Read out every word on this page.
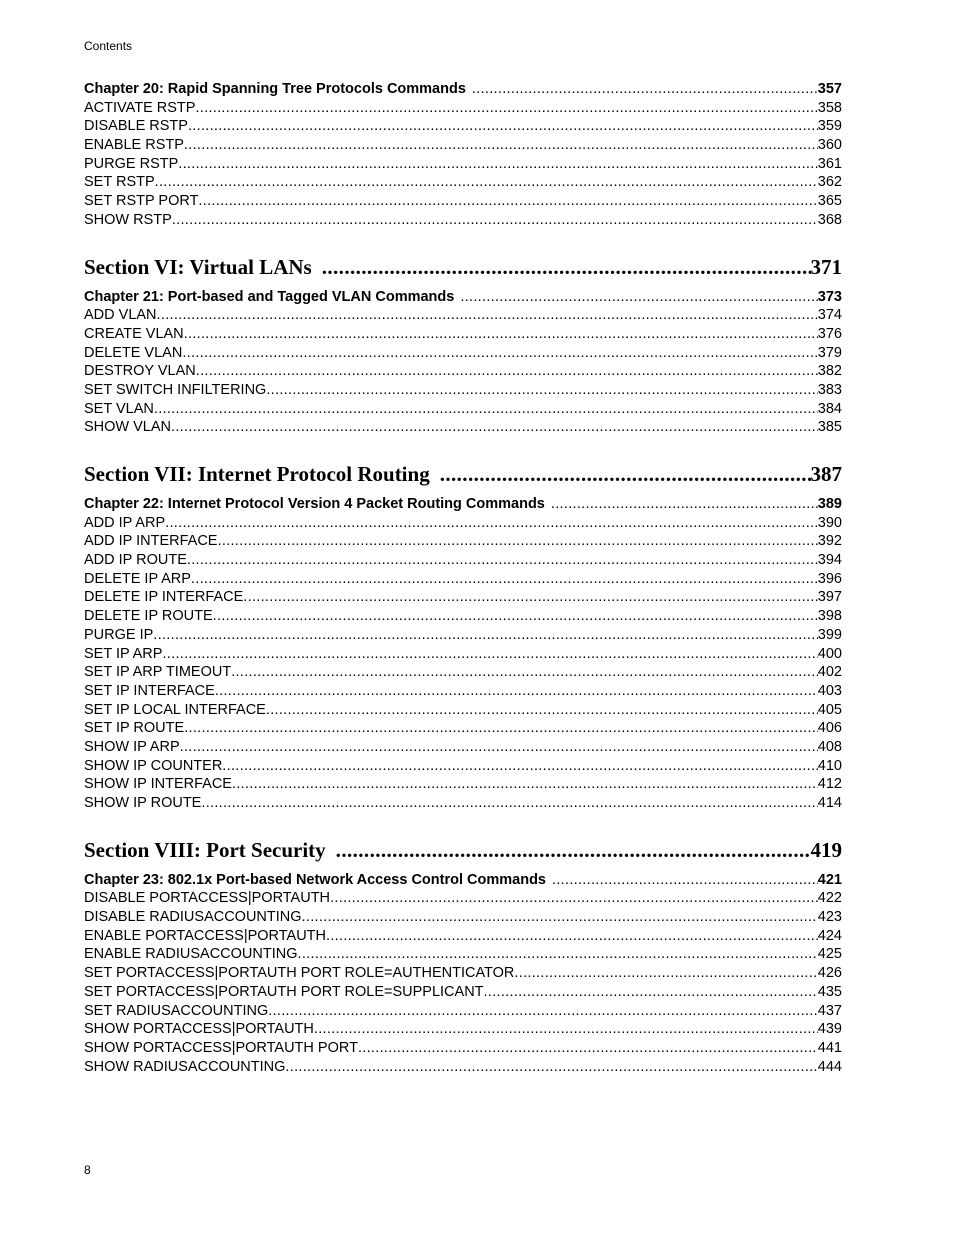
Contents
Chapter 20: Rapid Spanning Tree Protocols Commands .....	357
ACTIVATE RSTP .....	358
DISABLE RSTP .....	359
ENABLE RSTP .....	360
PURGE RSTP .....	361
SET RSTP .....	362
SET RSTP PORT .....	365
SHOW RSTP .....	368
Section VI: Virtual LANs .....	371
Chapter 21: Port-based and Tagged VLAN Commands .....	373
ADD VLAN .....	374
CREATE VLAN .....	376
DELETE VLAN .....	379
DESTROY VLAN .....	382
SET SWITCH INFILTERING .....	383
SET VLAN .....	384
SHOW VLAN .....	385
Section VII: Internet Protocol Routing .....	387
Chapter 22: Internet Protocol Version 4 Packet Routing Commands .....	389
ADD IP ARP .....	390
ADD IP INTERFACE .....	392
ADD IP ROUTE .....	394
DELETE IP ARP .....	396
DELETE IP INTERFACE .....	397
DELETE IP ROUTE .....	398
PURGE IP .....	399
SET IP ARP .....	400
SET IP ARP TIMEOUT .....	402
SET IP INTERFACE .....	403
SET IP LOCAL INTERFACE .....	405
SET IP ROUTE .....	406
SHOW IP ARP .....	408
SHOW IP COUNTER .....	410
SHOW IP INTERFACE .....	412
SHOW IP ROUTE .....	414
Section VIII: Port Security .....	419
Chapter 23: 802.1x Port-based Network Access Control Commands .....	421
DISABLE PORTACCESS|PORTAUTH .....	422
DISABLE RADIUSACCOUNTING .....	423
ENABLE PORTACCESS|PORTAUTH .....	424
ENABLE RADIUSACCOUNTING .....	425
SET PORTACCESS|PORTAUTH PORT ROLE=AUTHENTICATOR .....	426
SET PORTACCESS|PORTAUTH PORT ROLE=SUPPLICANT .....	435
SET RADIUSACCOUNTING .....	437
SHOW PORTACCESS|PORTAUTH .....	439
SHOW PORTACCESS|PORTAUTH PORT .....	441
SHOW RADIUSACCOUNTING .....	444
8
